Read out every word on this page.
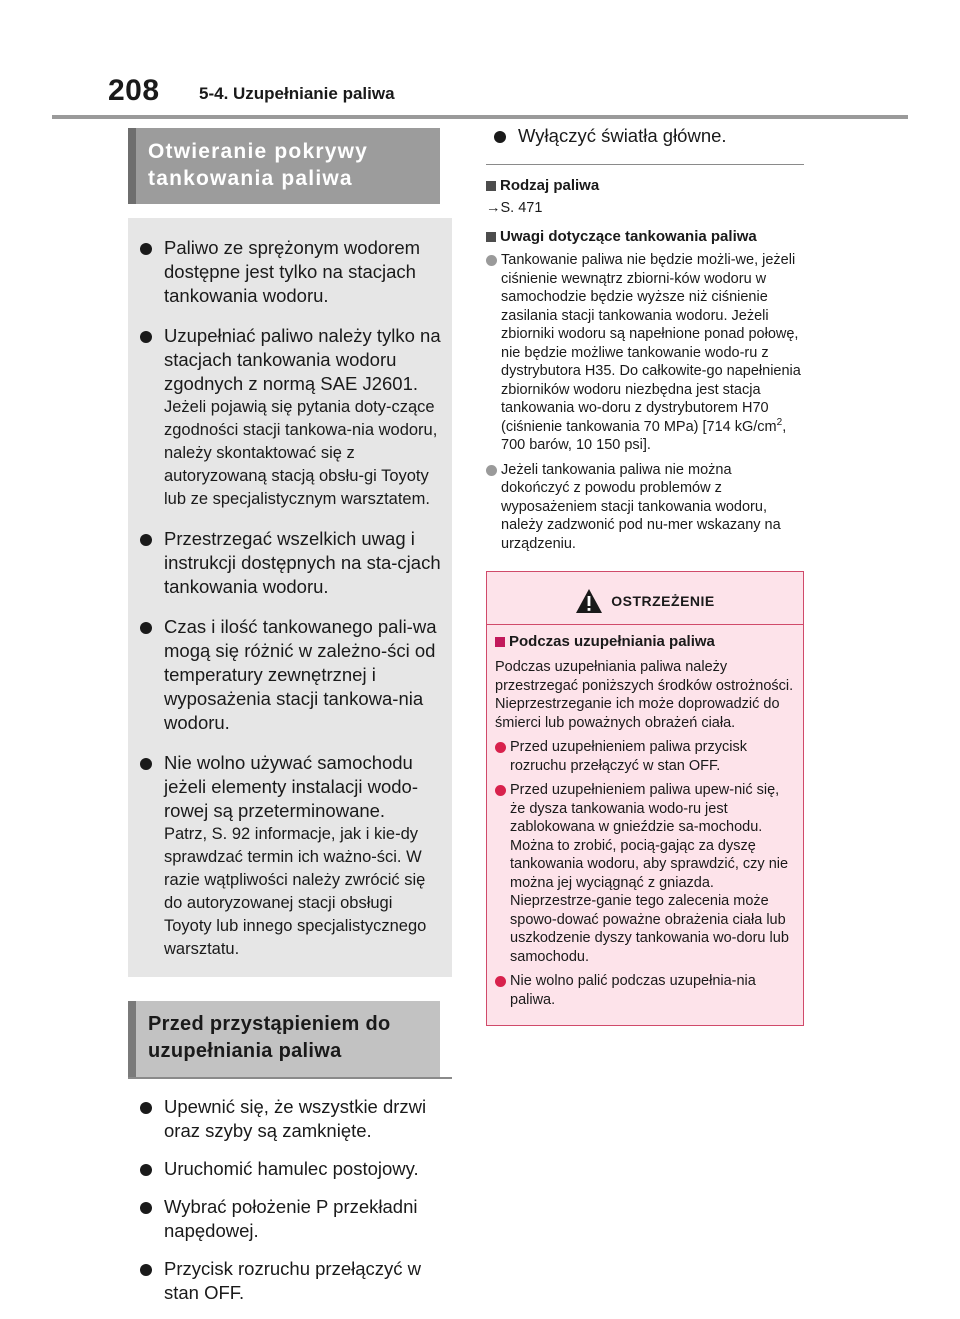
208 5-4. Uzupełnianie paliwa
Otwieranie pokrywy
tankowania paliwa
Paliwo ze sprężonym wodorem dostępne jest tylko na stacjach tankowania wodoru.
Uzupełniać paliwo należy tylko na stacjach tankowania wodoru zgodnych z normą SAE J2601.
Jeżeli pojawią się pytania doty-czące zgodności stacji tankowa-nia wodoru, należy skontaktować się z autoryzowaną stacją obsłu-gi Toyoty lub ze specjalistycznym warsztatem.
Przestrzegać wszelkich uwag i instrukcji dostępnych na sta-cjach tankowania wodoru.
Czas i ilość tankowanego pali-wa mogą się różnić w zależno-ści od temperatury zewnętrznej i wyposażenia stacji tankowa-nia wodoru.
Nie wolno używać samochodu jeżeli elementy instalacji wodo-rowej są przeterminowane.
Patrz, S. 92 informacje, jak i kie-dy sprawdzać termin ich ważno-ści. W razie wątpliwości należy zwrócić się do autoryzowanej stacji obsługi Toyoty lub innego specjalistycznego warsztatu.
Przed przystąpieniem do
uzupełniania paliwa
Upewnić się, że wszystkie drzwi oraz szyby są zamknięte.
Uruchomić hamulec postojowy.
Wybrać położenie P przekładni napędowej.
Przycisk rozruchu przełączyć w stan OFF.
Wyłączyć światła główne.
Rodzaj paliwa
→S. 471
Uwagi dotyczące tankowania paliwa
Tankowanie paliwa nie będzie możli-we, jeżeli ciśnienie wewnątrz zbiorni-ków wodoru w samochodzie będzie wyższe niż ciśnienie zasilania stacji tankowania wodoru. Jeżeli zbiorniki wodoru są napełnione ponad połowę, nie będzie możliwe tankowanie wodo-ru z dystrybutora H35. Do całkowite-go napełnienia zbiorników wodoru niezbędna jest stacja tankowania wo-doru z dystrybutorem H70 (ciśnienie tankowania 70 MPa) [714 $kG/cm^2$, 700 barów, 10 150 psi].
Jeżeli tankowania paliwa nie można dokończyć z powodu problemów z wyposażeniem stacji tankowania wodoru, należy zadzwonić pod nu-mer wskazany na urządzeniu.
OSTRZEŻENIE
Podczas uzupełniania paliwa
Podczas uzupełniania paliwa należy przestrzegać poniższych środków ostrożności. Nieprzestrzeganie ich może doprowadzić do śmierci lub poważnych obrażeń ciała.
Przed uzupełnieniem paliwa przycisk rozruchu przełączyć w stan OFF.
Przed uzupełnieniem paliwa upew-nić się, że dysza tankowania wodo-ru jest zablokowana w gnieździe sa-mochodu. Można to zrobić, pocią-gając za dyszę tankowania wodoru, aby sprawdzić, czy nie można jej wyciągnąć z gniazda. Nieprzestrze-ganie tego zalecenia może spowo-dować poważne obrażenia ciała lub uszkodzenie dyszy tankowania wo-doru lub samochodu.
Nie wolno palić podczas uzupełnia-nia paliwa.
